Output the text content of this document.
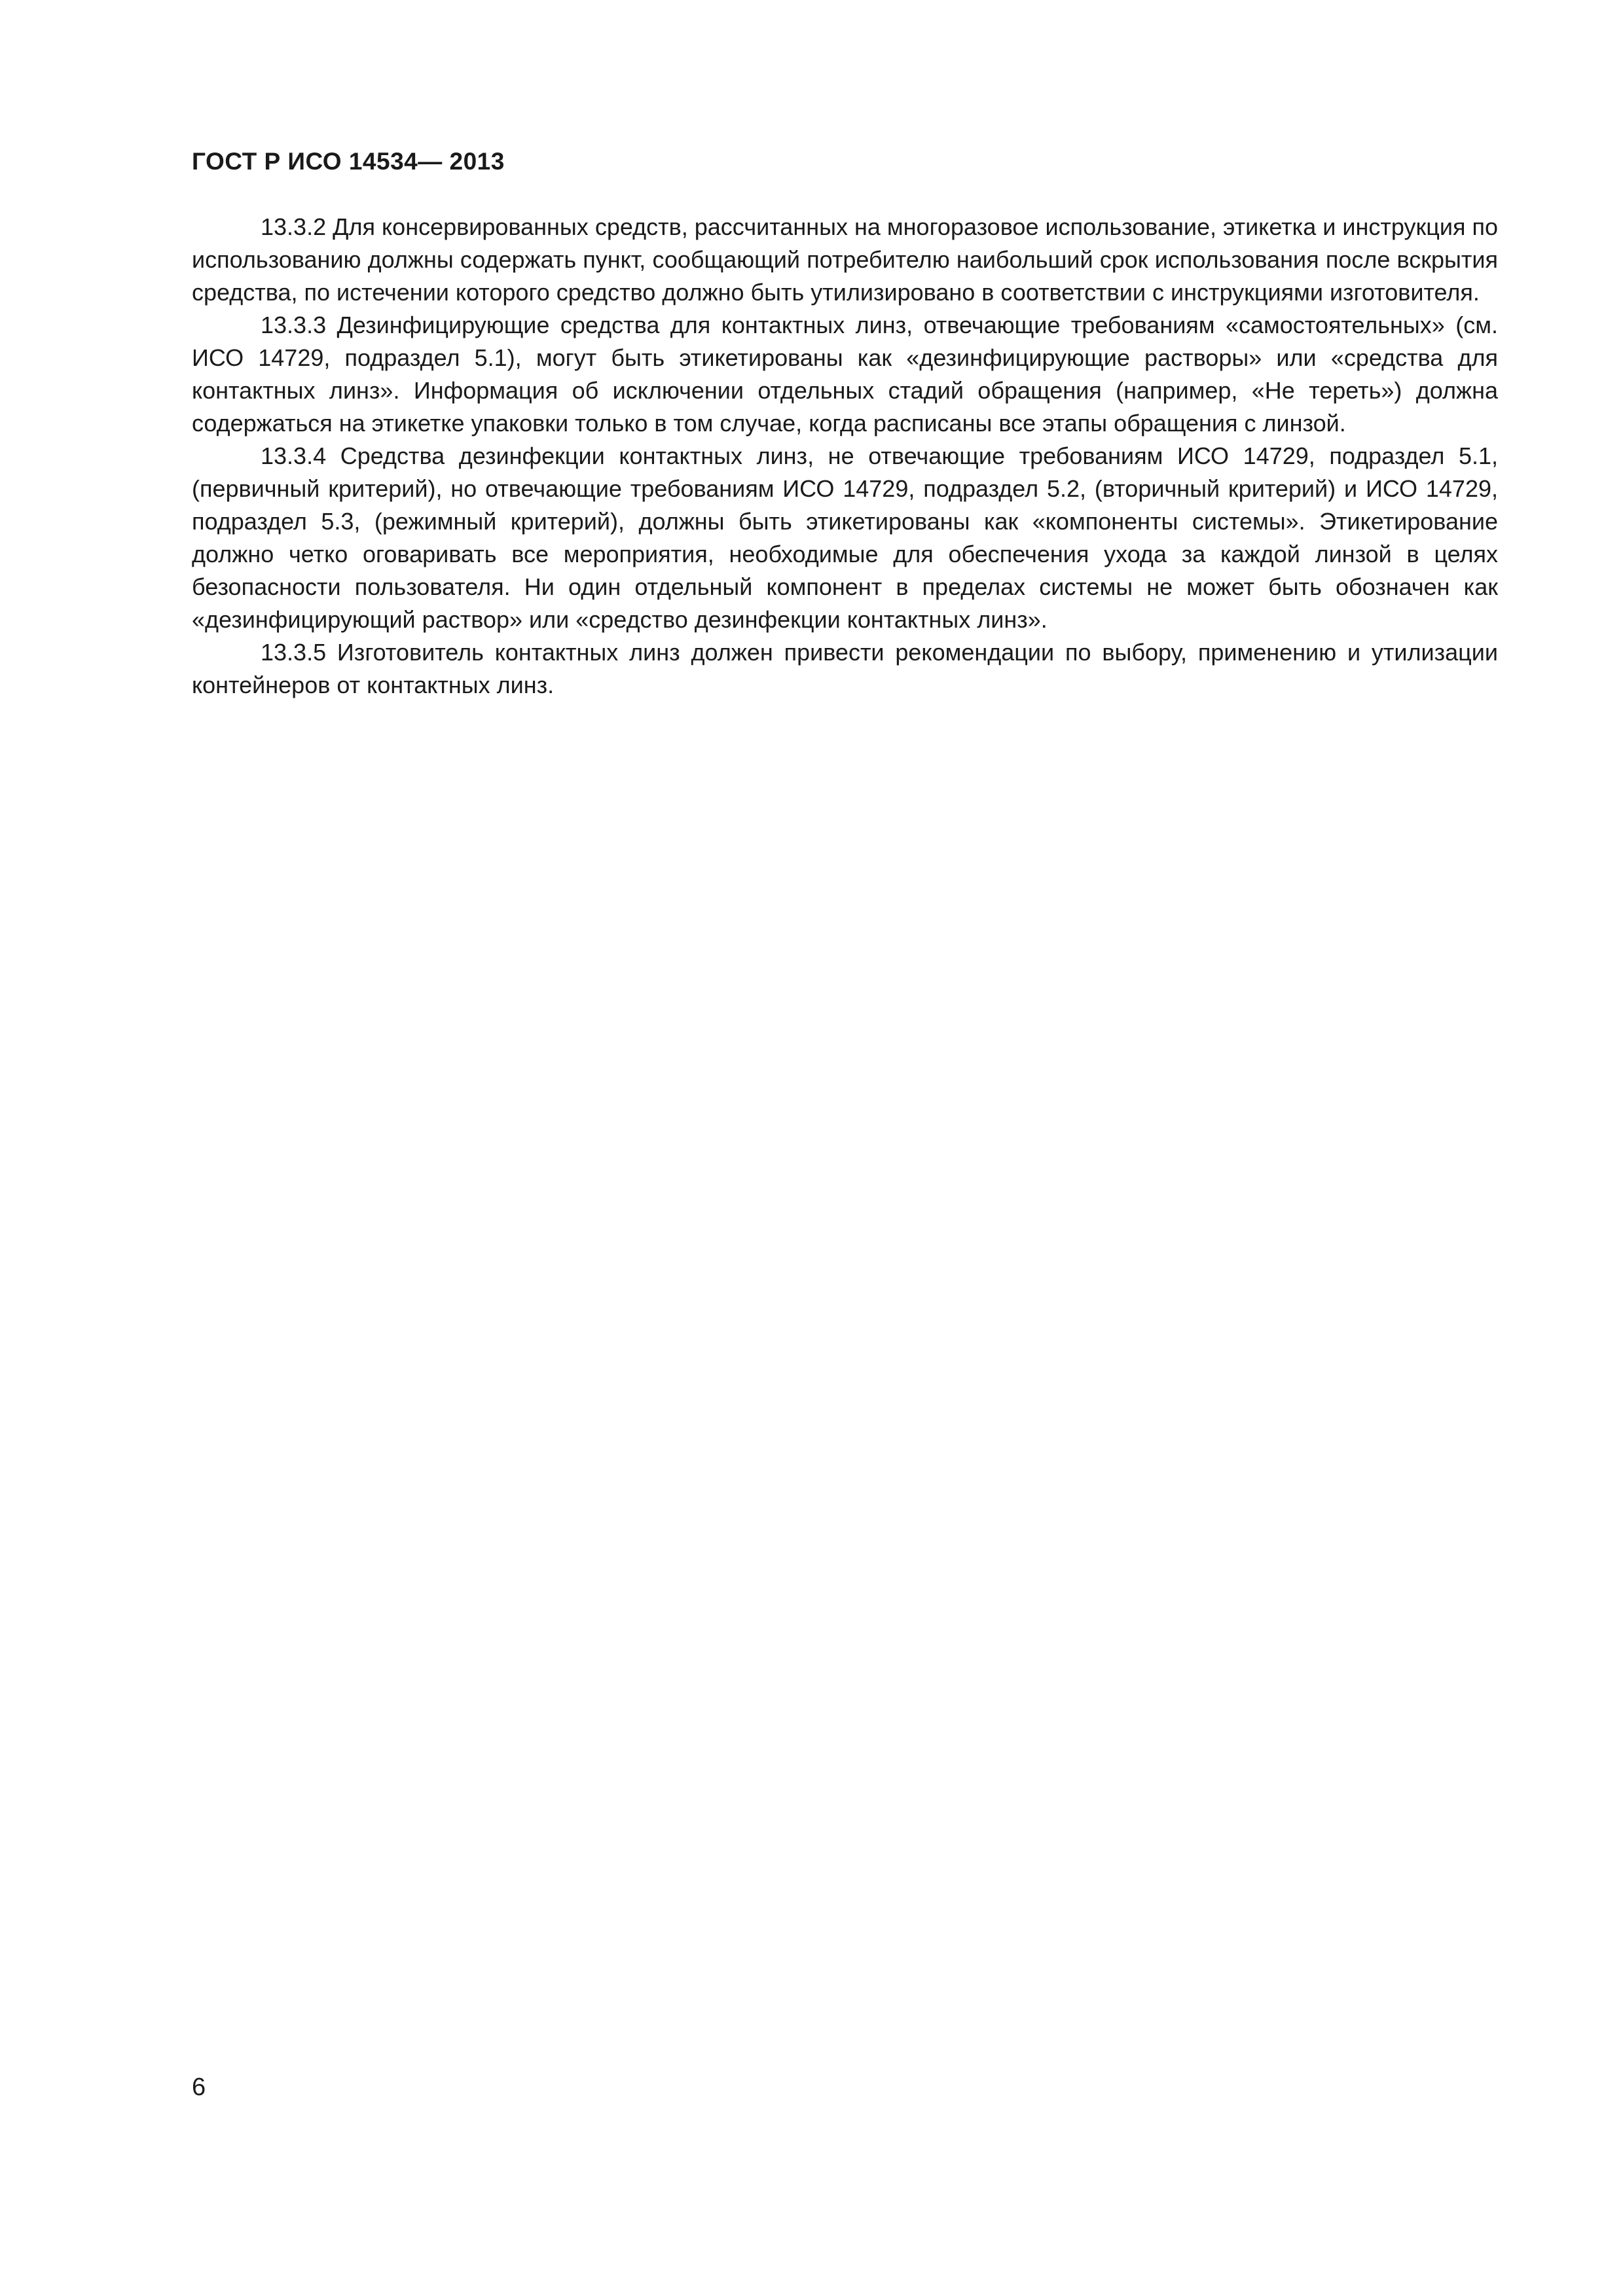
ГОСТ Р ИСО 14534— 2013

13.3.2 Для консервированных средств, рассчитанных на многоразовое использование, этикетка и инструкция по использованию должны содержать пункт, сообщающий потребителю наибольший срок использования после вскрытия средства, по истечении которого средство должно быть утилизировано в соответствии с инструкциями изготовителя.

13.3.3 Дезинфицирующие средства для контактных линз, отвечающие требованиям «самостоятельных» (см. ИСО 14729, подраздел 5.1), могут быть этикетированы как «дезинфицирующие растворы» или «средства для контактных линз». Информация об исключении отдельных стадий обращения (например, «Не тереть») должна содержаться на этикетке упаковки только в том случае, когда расписаны все этапы обращения с линзой.

13.3.4 Средства дезинфекции контактных линз, не отвечающие требованиям ИСО 14729, подраздел 5.1, (первичный критерий), но отвечающие требованиям ИСО 14729, подраздел 5.2, (вторичный критерий) и ИСО 14729, подраздел 5.3, (режимный критерий), должны быть этикетированы как «компоненты системы». Этикетирование должно четко оговаривать все мероприятия, необходимые для обеспечения ухода за каждой линзой в целях безопасности пользователя. Ни один отдельный компонент в пределах системы не может быть обозначен как «дезинфицирующий раствор» или «средство дезинфекции контактных линз».

13.3.5 Изготовитель контактных линз должен привести рекомендации по выбору, применению и утилизации контейнеров от контактных линз.

6
